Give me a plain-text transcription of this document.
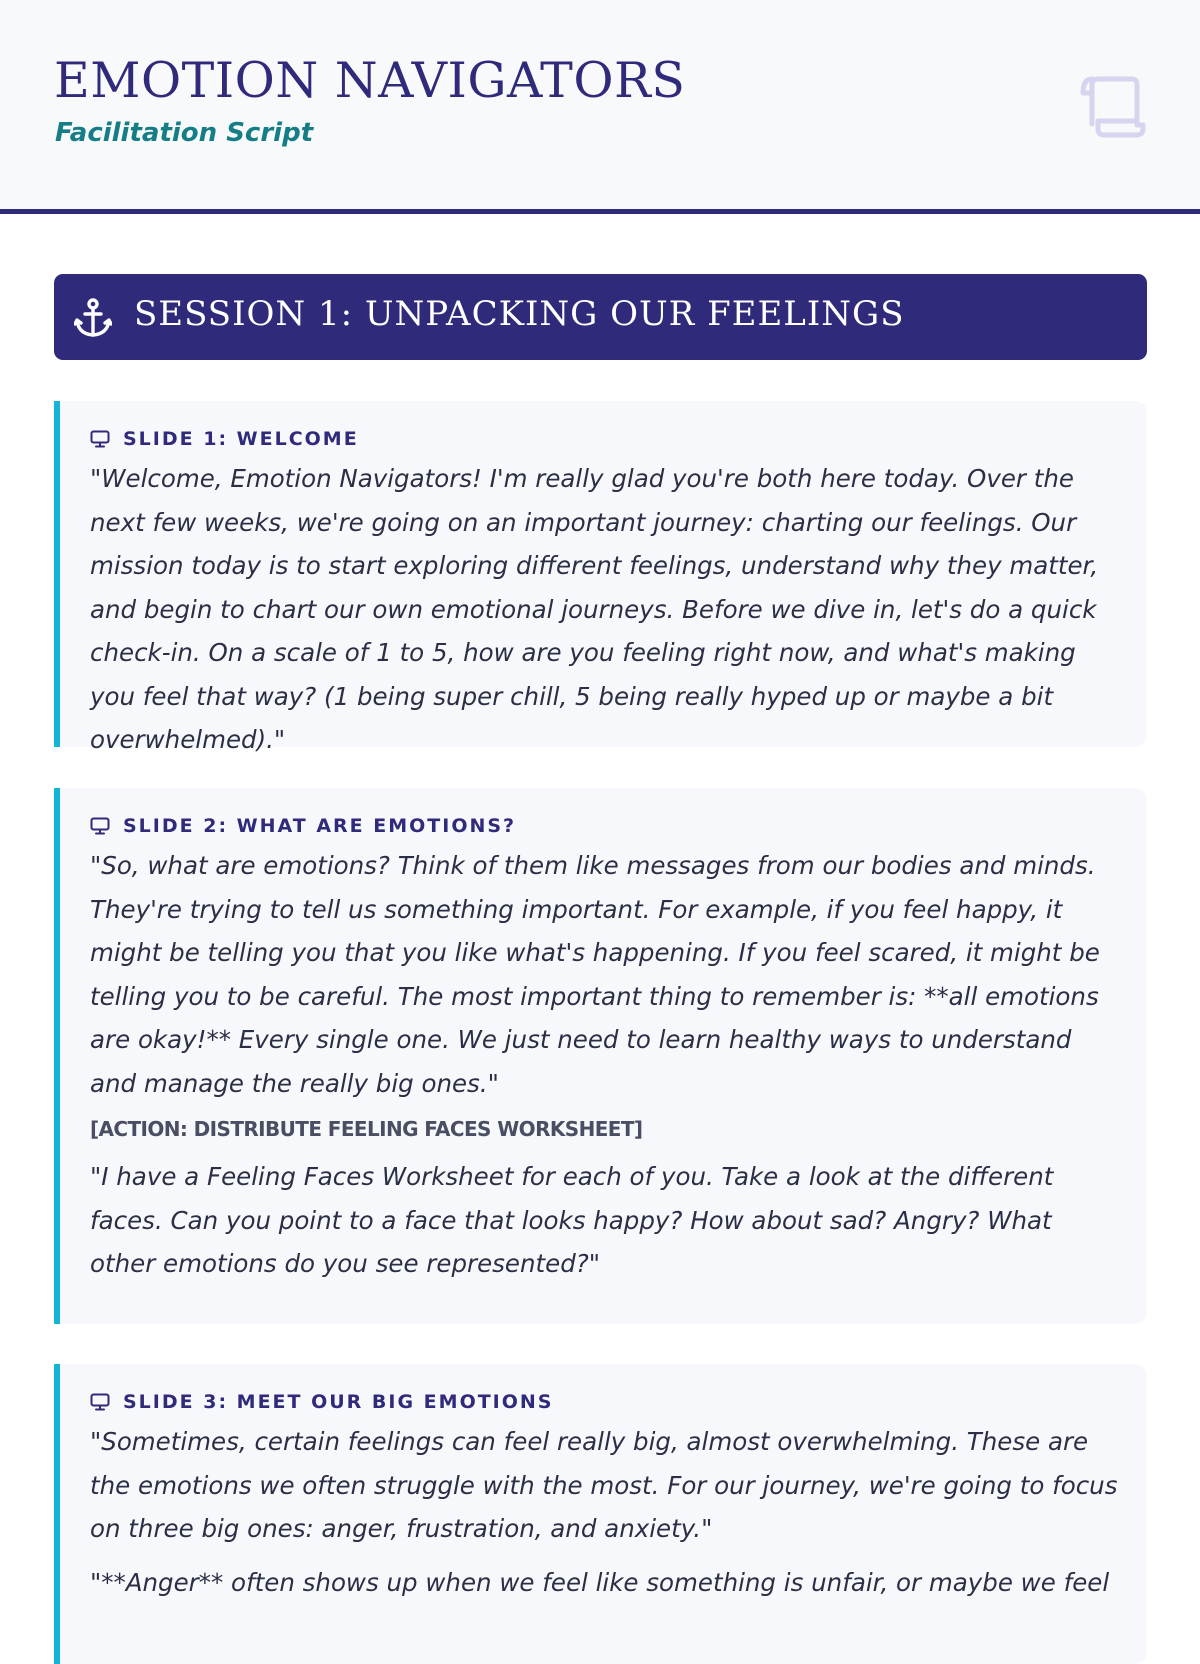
EMOTION NAVIGATORS
Facilitation Script
SESSION 1: UNPACKING OUR FEELINGS
SLIDE 1: WELCOME

"Welcome, Emotion Navigators! I'm really glad you're both here today. Over the next few weeks, we're going on an important journey: charting our feelings. Our mission today is to start exploring different feelings, understand why they matter, and begin to chart our own emotional journeys. Before we dive in, let's do a quick check-in. On a scale of 1 to 5, how are you feeling right now, and what's making you feel that way? (1 being super chill, 5 being really hyped up or maybe a bit overwhelmed)."

SLIDE 2: WHAT ARE EMOTIONS?

"So, what are emotions? Think of them like messages from our bodies and minds. They're trying to tell us something important. For example, if you feel happy, it might be telling you that you like what's happening. If you feel scared, it might be telling you to be careful. The most important thing to remember is: **all emotions are okay!** Every single one. We just need to learn healthy ways to understand and manage the really big ones."

[ACTION: DISTRIBUTE FEELING FACES WORKSHEET]

"I have a Feeling Faces Worksheet for each of you. Take a look at the different faces. Can you point to a face that looks happy? How about sad? Angry? What other emotions do you see represented?"

SLIDE 3: MEET OUR BIG EMOTIONS

"Sometimes, certain feelings can feel really big, almost overwhelming. These are the emotions we often struggle with the most. For our journey, we're going to focus on three big ones: anger, frustration, and anxiety."

"**Anger** often shows up when we feel like something is unfair, or maybe we feel
